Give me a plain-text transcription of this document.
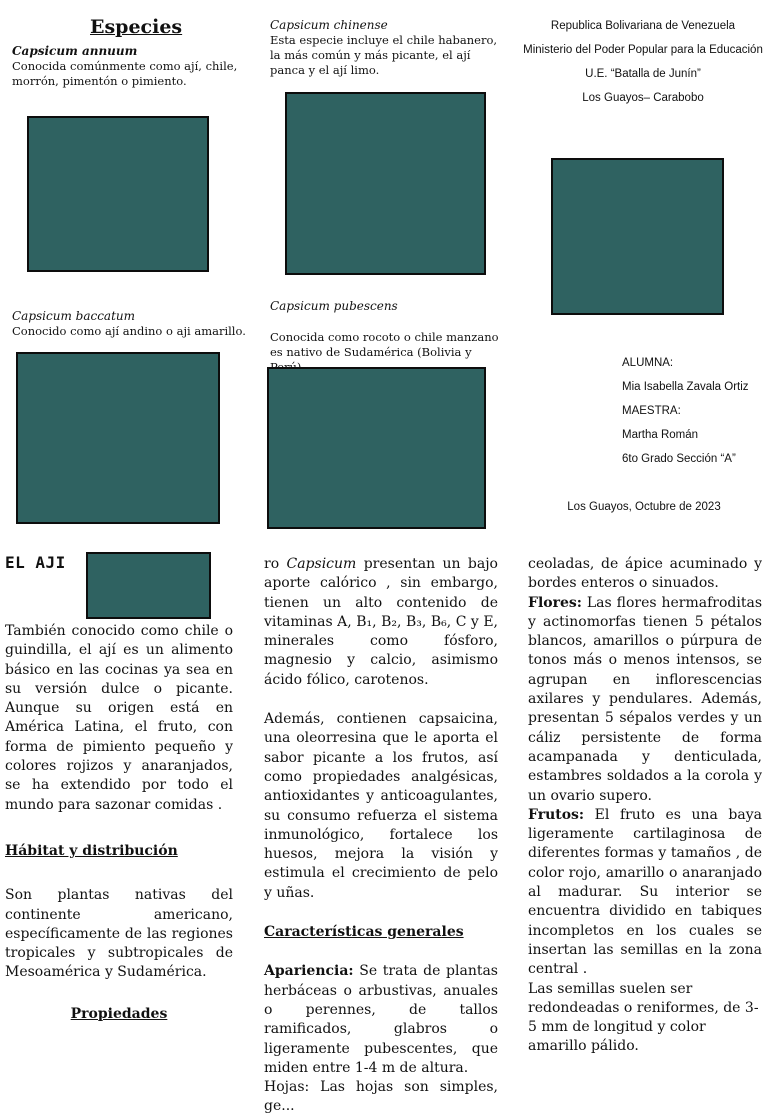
Especies
Capsicum annuum
Conocida comúnmente como ají, chile, morrón, pimentón o pimiento.
Capsicum baccatum
Conocido como ají andino o aji amarillo.
Capsicum chinense
Esta especie incluye el chile habanero, la más común y más picante, el ají panca y el ají limo.
Capsicum pubescens
Conocida como rocoto o chile manzano es nativo de Sudamérica (Bolivia y
Republica Bolivariana de Venezuela
Ministerio del Poder Popular para la Educación
U.E. “Batalla de Junín”
Los Guayos– Carabobo
ALUMNA:
Mia Isabella Zavala Ortiz
MAESTRA:
Martha Román
6to Grado Sección “A”
Los Guayos, Octubre de 2023
EL AJI

También conocido como chile o guindilla, el ají es un alimento básico en las cocinas ya sea en su versión dulce o picante. Aunque su origen está en América Latina, el fruto, con forma de pimiento pequeño y colores rojizos y anaranjados, se ha extendido por todo el mundo para sazonar comidas .

Hábitat y distribución

Son plantas nativas del continente americano, específicamente de las regiones tropicales y subtropicales de Mesoamérica y Sudamérica.

Propiedades

ro Capsicum presentan un bajo aporte calórico , sin embargo, tienen un alto contenido de vitaminas A, B₁, B₂, B₃, B₆, C y E, minerales como fósforo, magnesio y calcio, asimismo ácido fólico, carotenos.

Además, contienen capsaicina, una oleorresina que le aporta el sabor picante a los frutos, así como propiedades analgésicas, antioxidantes y anticoagulantes, su consumo refuerza el sistema inmunológico, fortalece los huesos, mejora la visión y estimula el crecimiento de pelo y uñas.

Características generales

Apariencia: Se trata de plantas herbáceas o arbustivas, anuales o perennes, de tallos ramificados, glabros o ligeramente pubescentes, que miden entre 1-4 m de altura.

Hojas: Las hojas son simples, ge...

ceoladas, de ápice acuminado y bordes enteros o sinuados.

Flores: Las flores hermafroditas y actinomorfas tienen 5 pétalos blancos, amarillos o púrpura de tonos más o menos intensos, se agrupan en inflorescencias axilares y pendulares. Además, presentan 5 sépalos verdes y un cáliz persistente de forma acampanada y denticulada, estambres soldados a la corola y un ovario supero.

Frutos: El fruto es una baya ligeramente cartilaginosa de diferentes formas y tamaños , de color rojo, amarillo o anaranjado al madurar. Su interior se encuentra dividido en tabiques incompletos en los cuales se insertan las semillas en la zona central .

Las semillas suelen ser redondeadas o reniformes, de 3-5 mm de longitud y color amarillo pálido.
